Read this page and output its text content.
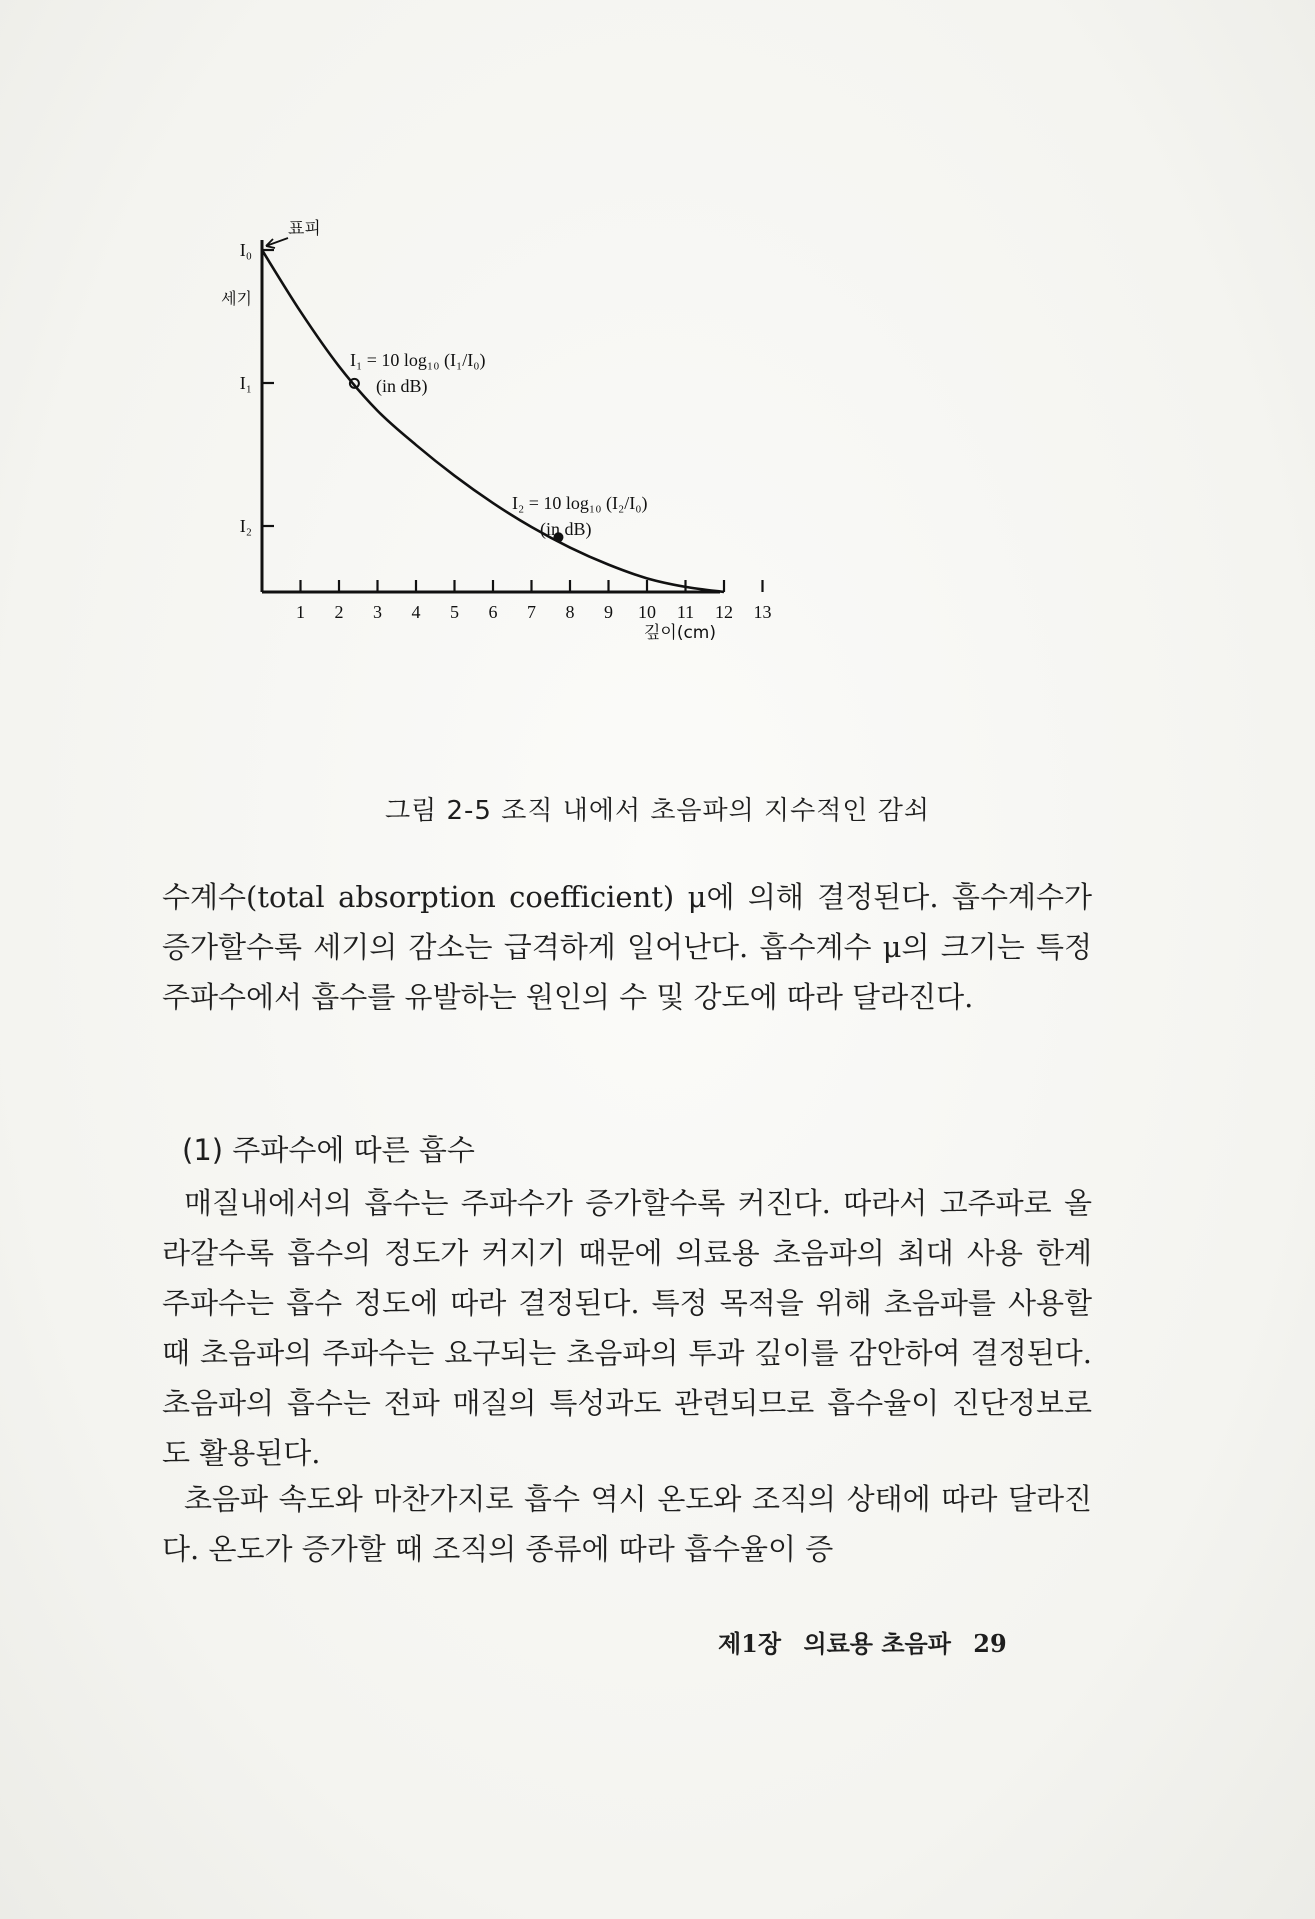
I₀
세기
I₁
I₂
표피
1 2 3 4 5 6 7 8 9 10 11 12 13
깊이(cm)
I₁ = 10 log₁₀ (I₁/I₀)
(in dB)
I₂ = 10 log₁₀ (I₂/I₀)
(in dB)
그림 2-5 조직 내에서 초음파의 지수적인 감쇠

수계수(total absorption coefficient) μ에 의해 결정된다. 흡수계수가 증가할수록 세기의 감소는 급격하게 일어난다. 흡수계수 μ의 크기는 특정 주파수에서 흡수를 유발하는 원인의 수 및 강도에 따라 달라진다.

(1) 주파수에 따른 흡수

매질내에서의 흡수는 주파수가 증가할수록 커진다. 따라서 고주파로 올라갈수록 흡수의 정도가 커지기 때문에 의료용 초음파의 최대 사용 한계 주파수는 흡수 정도에 따라 결정된다. 특정 목적을 위해 초음파를 사용할 때 초음파의 주파수는 요구되는 초음파의 투과 깊이를 감안하여 결정된다. 초음파의 흡수는 전파 매질의 특성과도 관련되므로 흡수율이 진단정보로도 활용된다.

초음파 속도와 마찬가지로 흡수 역시 온도와 조직의 상태에 따라 달라진다. 온도가 증가할 때 조직의 종류에 따라 흡수율이 증

제1장 의료용 초음파 29
